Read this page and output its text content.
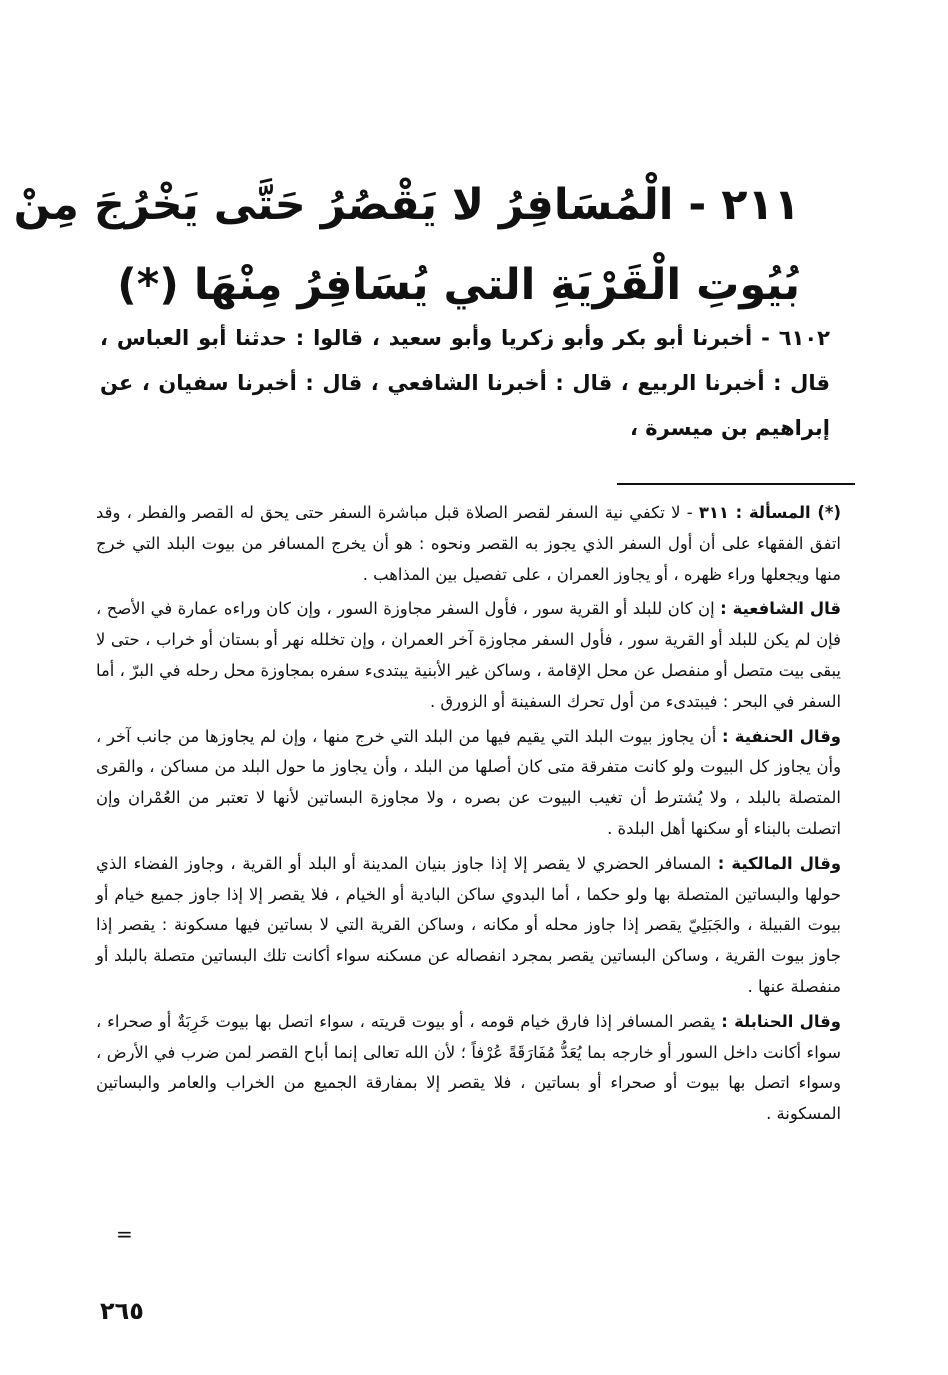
٢١١ - الْمُسَافِرُ لا يَقْصُرُ حَتَّى يَخْرُجَ مِنْ
بُيُوتِ الْقَرْيَةِ التي يُسَافِرُ مِنْهَا (*)
٦١٠٢ - أخبرنا أبو بكر وأبو زكريا وأبو سعيد ، قالوا : حدثنا أبو العباس ، قال : أخبرنا الربيع ، قال : أخبرنا الشافعي ، قال : أخبرنا سفيان ، عن إبراهيم بن ميسرة ،

(*) المسألة : ٣١١ - لا تكفي نية السفر لقصر الصلاة قبل مباشرة السفر حتى يحق له القصر والفطر ، وقد اتفق الفقهاء على أن أول السفر الذي يجوز به القصر ونحوه : هو أن يخرج المسافر من بيوت البلد التي خرج منها ويجعلها وراء ظهره ، أو يجاوز العمران ، على تفصيل بين المذاهب .

قال الشافعية : إن كان للبلد أو القرية سور ، فأول السفر مجاوزة السور ، وإن كان وراءه عمارة في الأصح ، فإن لم يكن للبلد أو القرية سور ، فأول السفر مجاوزة آخر العمران ، وإن تخلله نهر أو بستان أو خراب ، حتى لا يبقى بيت متصل أو منفصل عن محل الإقامة ، وساكن غير الأبنية يبتدىء سفره بمجاوزة محل رحله في البرّ ، أما السفر في البحر : فيبتدىء من أول تحرك السفينة أو الزورق .

وقال الحنفية : أن يجاوز بيوت البلد التي يقيم فيها من البلد التي خرج منها ، وإن لم يجاوزها من جانب آخر ، وأن يجاوز كل البيوت ولو كانت متفرقة متى كان أصلها من البلد ، وأن يجاوز ما حول البلد من مساكن ، والقرى المتصلة بالبلد ، ولا يُشترط أن تغيب البيوت عن بصره ، ولا مجاوزة البساتين لأنها لا تعتبر من العُمْران وإن اتصلت بالبناء أو سكنها أهل البلدة .

وقال المالكية : المسافر الحضري لا يقصر إلا إذا جاوز بنيان المدينة أو البلد أو القرية ، وجاوز الفضاء الذي حولها والبساتين المتصلة بها ولو حكما ، أما البدوي ساكن البادية أو الخيام ، فلا يقصر إلا إذا جاوز جميع خيام أو بيوت القبيلة ، والجَبَلِيّ يقصر إذا جاوز محله أو مكانه ، وساكن القرية التي لا بساتين فيها مسكونة : يقصر إذا جاوز بيوت القرية ، وساكن البساتين يقصر بمجرد انفصاله عن مسكنه سواء أكانت تلك البساتين متصلة بالبلد أو منفصلة عنها .

وقال الحنابلة : يقصر المسافر إذا فارق خيام قومه ، أو بيوت قريته ، سواء اتصل بها بيوت خَرِبَةٌ أو صحراء ، سواء أكانت داخل السور أو خارجه بما يُعَدُّ مُفَارَقَةً عُرْفاً ؛ لأن الله تعالى إنما أباح القصر لمن ضرب في الأرض ، وسواء اتصل بها بيوت أو صحراء أو بساتين ، فلا يقصر إلا بمفارقة الجميع من الخراب والعامر والبساتين المسكونة .

=
٢٦٥
